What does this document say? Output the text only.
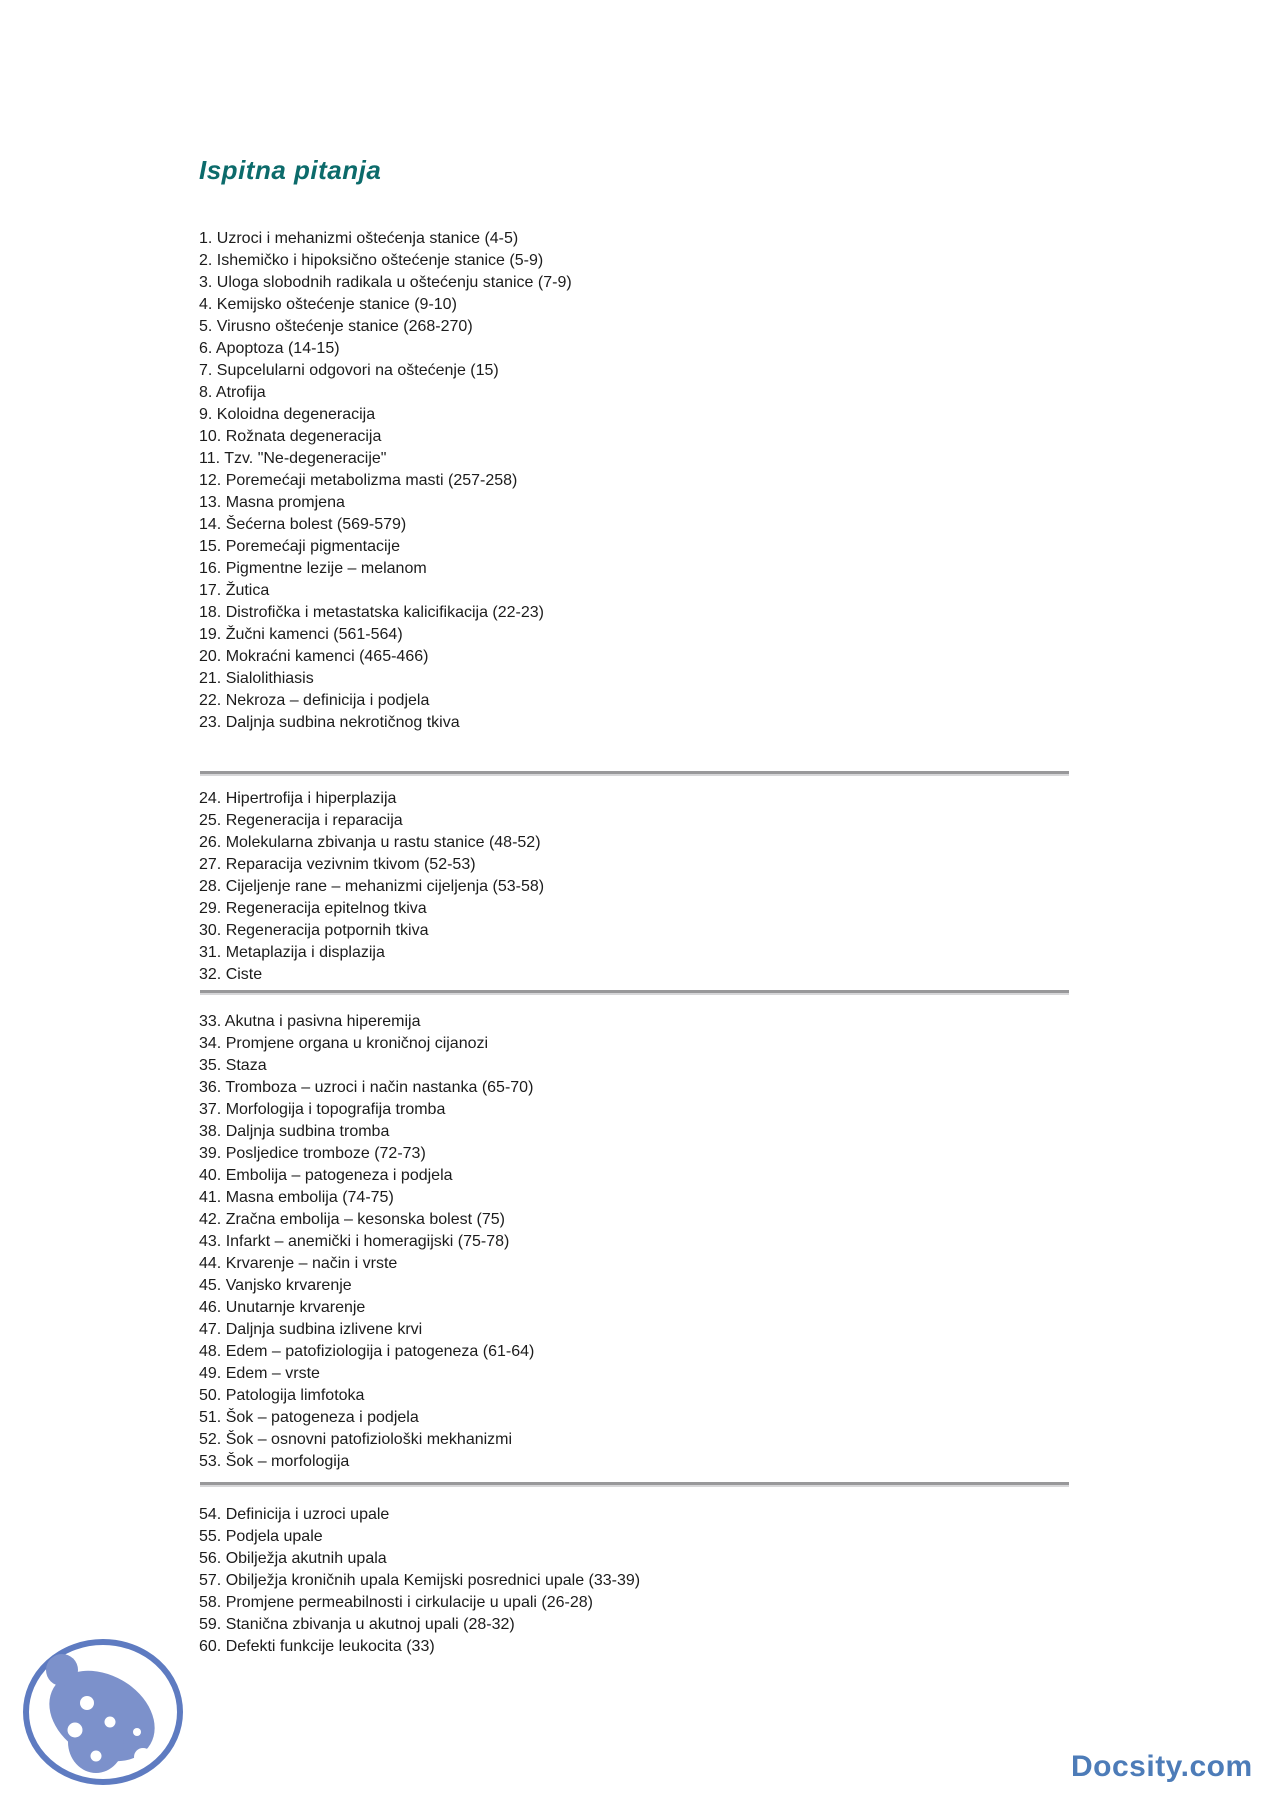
Ispitna pitanja
1. Uzroci i mehanizmi oštećenja stanice (4-5)
2. Ishemičko i hipoksično oštećenje stanice (5-9)
3. Uloga slobodnih radikala u oštećenju stanice (7-9)
4. Kemijsko oštećenje stanice (9-10)
5. Virusno oštećenje stanice (268-270)
6. Apoptoza (14-15)
7. Supcelularni odgovori na oštećenje (15)
8. Atrofija
9. Koloidna degeneracija
10. Rožnata degeneracija
11. Tzv. "Ne-degeneracije"
12. Poremećaji metabolizma masti (257-258)
13. Masna promjena
14. Šećerna bolest (569-579)
15. Poremećaji pigmentacije
16. Pigmentne lezije – melanom
17. Žutica
18. Distrofička i metastatska kalicifikacija (22-23)
19. Žučni kamenci (561-564)
20. Mokraćni kamenci (465-466)
21. Sialolithiasis
22. Nekroza – definicija i podjela
23. Daljnja sudbina nekrotičnog tkiva
24. Hipertrofija i hiperplazija
25. Regeneracija i reparacija
26. Molekularna zbivanja u rastu stanice (48-52)
27. Reparacija vezivnim tkivom (52-53)
28. Cijeljenje rane – mehanizmi cijeljenja (53-58)
29. Regeneracija epitelnog tkiva
30. Regeneracija potpornih tkiva
31. Metaplazija i displazija
32. Ciste
33. Akutna i pasivna hiperemija
34. Promjene organa u kroničnoj cijanozi
35. Staza
36. Tromboza – uzroci i način nastanka (65-70)
37. Morfologija i topografija tromba
38. Daljnja sudbina tromba
39. Posljedice tromboze (72-73)
40. Embolija – patogeneza i podjela
41. Masna embolija (74-75)
42. Zračna embolija – kesonska bolest (75)
43. Infarkt – anemički i homeragijski (75-78)
44. Krvarenje – način i vrste
45. Vanjsko krvarenje
46. Unutarnje krvarenje
47. Daljnja sudbina izlivene krvi
48. Edem – patofiziologija i patogeneza (61-64)
49. Edem – vrste
50. Patologija limfotoka
51. Šok – patogeneza i podjela
52. Šok – osnovni patofiziološki mekhanizmi
53. Šok – morfologija
54. Definicija i uzroci upale
55. Podjela upale
56. Obilježja akutnih upala
57. Obilježja kroničnih upala Kemijski posrednici upale (33-39)
58. Promjene permeabilnosti i cirkulacije u upali (26-28)
59. Stanična zbivanja u akutnoj upali (28-32)
60. Defekti funkcije leukocita (33)
Docsity.com
